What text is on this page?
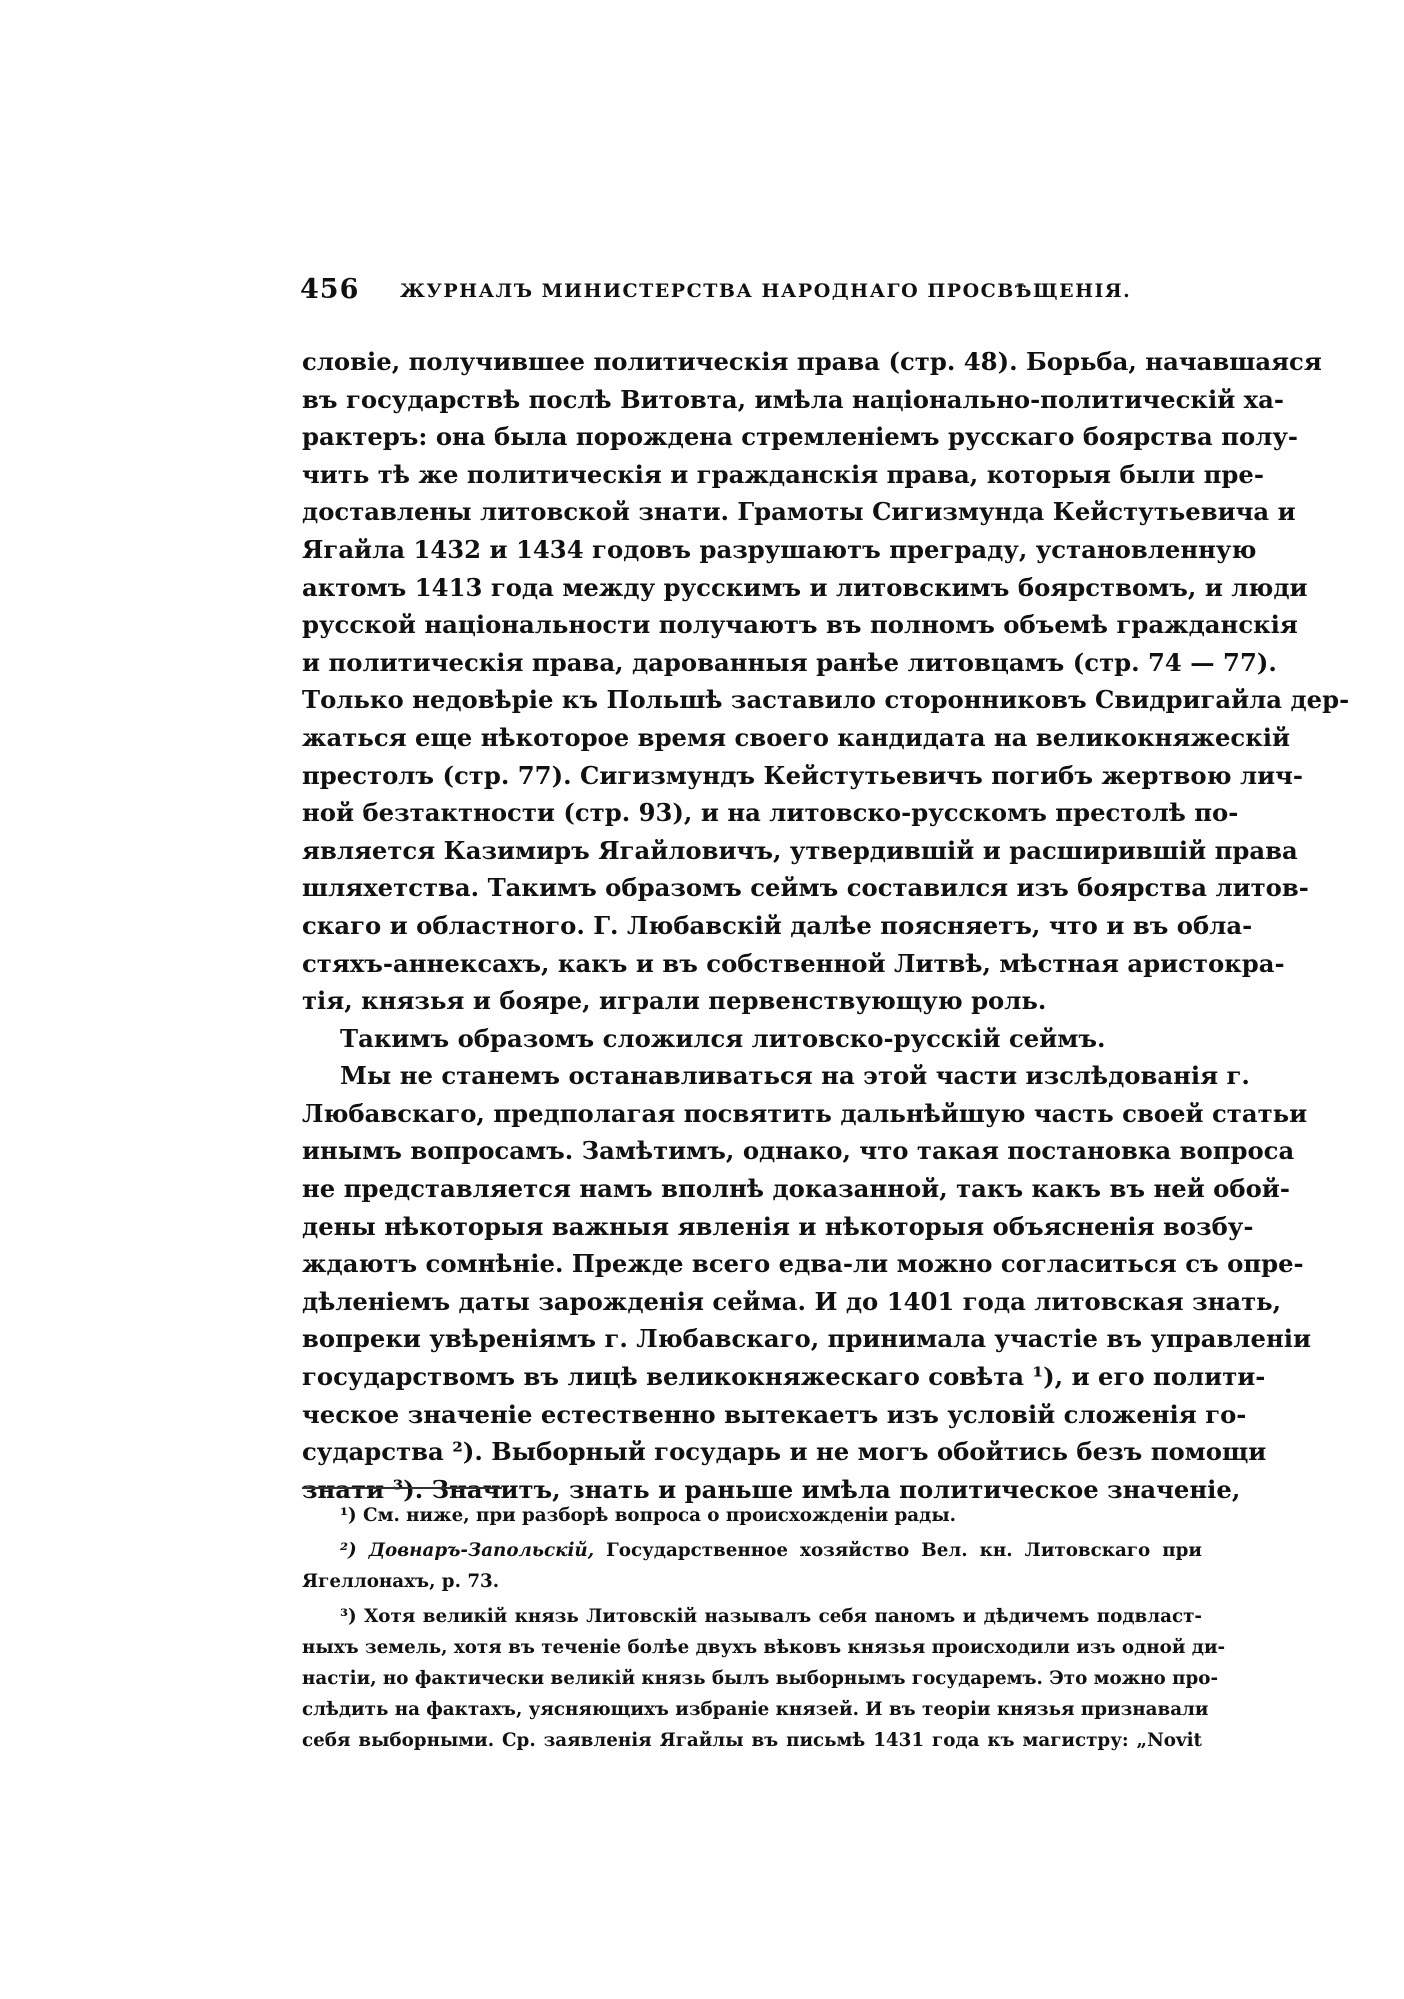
456 ЖУРНАЛЪ МИНИСТЕРСТВА НАРОДНАГО ПРОСВѢЩЕНІЯ.
словіе, получившее политическія права (стр. 48). Борьба, начавшаяся
въ государствѣ послѣ Витовта, имѣла національно-политическій ха-
рактеръ: она была порождена стремленіемъ русскаго боярства полу-
чить тѣ же политическія и гражданскія права, которыя были пре-
доставлены литовской знати. Грамоты Сигизмунда Кейстутьевича и
Ягайла 1432 и 1434 годовъ разрушаютъ преграду, установленную
актомъ 1413 года между русскимъ и литовскимъ боярствомъ, и люди
русской національности получаютъ въ полномъ объемѣ гражданскія
и политическія права, дарованныя ранѣе литовцамъ (стр. 74 — 77).
Только недовѣріе къ Польшѣ заставило сторонниковъ Свидригайла дер-
жаться еще нѣкоторое время своего кандидата на великокняжескій
престолъ (стр. 77). Сигизмундъ Кейстутьевичъ погибъ жертвою лич-
ной безтактности (стр. 93), и на литовско-русскомъ престолѣ по-
является Казимиръ Ягайловичъ, утвердившій и расширившій права
шляхетства. Такимъ образомъ сеймъ составился изъ боярства литов-
скаго и областного. Г. Любавскій далѣе поясняетъ, что и въ обла-
стяхъ-аннексахъ, какъ и въ собственной Литвѣ, мѣстная аристокра-
тія, князья и бояре, играли первенствующую роль.
Такимъ образомъ сложился литовско-русскій сеймъ.
Мы не станемъ останавливаться на этой части изслѣдованія г.
Любавскаго, предполагая посвятить дальнѣйшую часть своей статьи
инымъ вопросамъ. Замѣтимъ, однако, что такая постановка вопроса
не представляется намъ вполнѣ доказанной, такъ какъ въ ней обой-
дены нѣкоторыя важныя явленія и нѣкоторыя объясненія возбу-
ждаютъ сомнѣніе. Прежде всего едва-ли можно согласиться съ опре-
дѣленіемъ даты зарожденія сейма. И до 1401 года литовская знать,
вопреки увѣреніямъ г. Любавскаго, принимала участіе въ управленіи
государствомъ въ лицѣ великокняжескаго совѣта ¹), и его полити-
ческое значеніе естественно вытекаетъ изъ условій сложенія го-
сударства ²). Выборный государь и не могъ обойтись безъ помощи
знати ³). Значитъ, знать и раньше имѣла политическое значеніе,
¹) См. ниже, при разборѣ вопроса о происхожденіи рады.
²) Довнаръ-Запольскій, Государственное хозяйство Вел. кн. Литовскаго при
Ягеллонахъ, р. 73.
³) Хотя великій князь Литовскій называлъ себя паномъ и дѣдичемъ подвласт-
ныхъ земель, хотя въ теченіе болѣе двухъ вѣковъ князья происходили изъ одной ди-
настіи, но фактически великій князь былъ выборнымъ государемъ. Это можно про-
слѣдить на фактахъ, уясняющихъ избраніе князей. И въ теоріи князья признавали
себя выборными. Ср. заявленія Ягайлы въ письмѣ 1431 года къ магистру: „Novit
